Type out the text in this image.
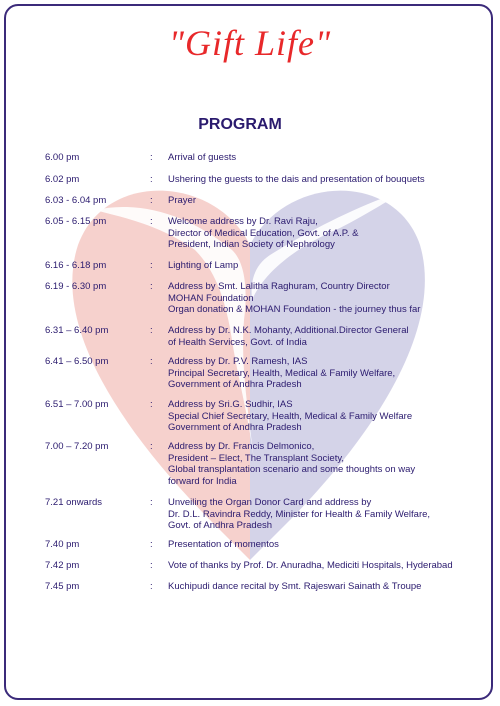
"Gift Life"
PROGRAM
6.00 pm	: Arrival of guests
6.02 pm	: Ushering the guests to the dais and presentation of bouquets
6.03 - 6.04 pm	: Prayer
6.05 - 6.15 pm	: Welcome address by Dr. Ravi Raju,
Director of Medical Education, Govt. of A.P. &
President, Indian Society of Nephrology
6.16 - 6.18 pm	: Lighting of Lamp
6.19 - 6.30 pm	: Address by Smt. Lalitha Raghuram, Country Director
MOHAN Foundation
Organ donation & MOHAN Foundation - the journey thus far
6.31 – 6.40 pm	: Address by Dr. N.K. Mohanty, Additional.Director General
of Health Services, Govt. of India
6.41 – 6.50 pm	: Address by Dr. P.V. Ramesh, IAS
Principal Secretary, Health, Medical & Family Welfare,
Government of Andhra Pradesh
6.51 – 7.00 pm	: Address by Sri.G. Sudhir, IAS
Special Chief Secretary, Health, Medical & Family Welfare
Government of Andhra Pradesh
7.00 – 7.20 pm	: Address by Dr. Francis Delmonico,
President – Elect, The Transplant Society,
Global transplantation scenario and some thoughts on way
forward for India
7.21 onwards	: Unveiling the Organ Donor Card and address by
Dr. D.L. Ravindra Reddy, Minister for Health & Family Welfare,
Govt. of Andhra Pradesh
7.40 pm	: Presentation of momentos
7.42 pm	: Vote of thanks by Prof. Dr. Anuradha, Mediciti Hospitals, Hyderabad
7.45 pm	: Kuchipudi dance recital by Smt. Rajeswari Sainath & Troupe
